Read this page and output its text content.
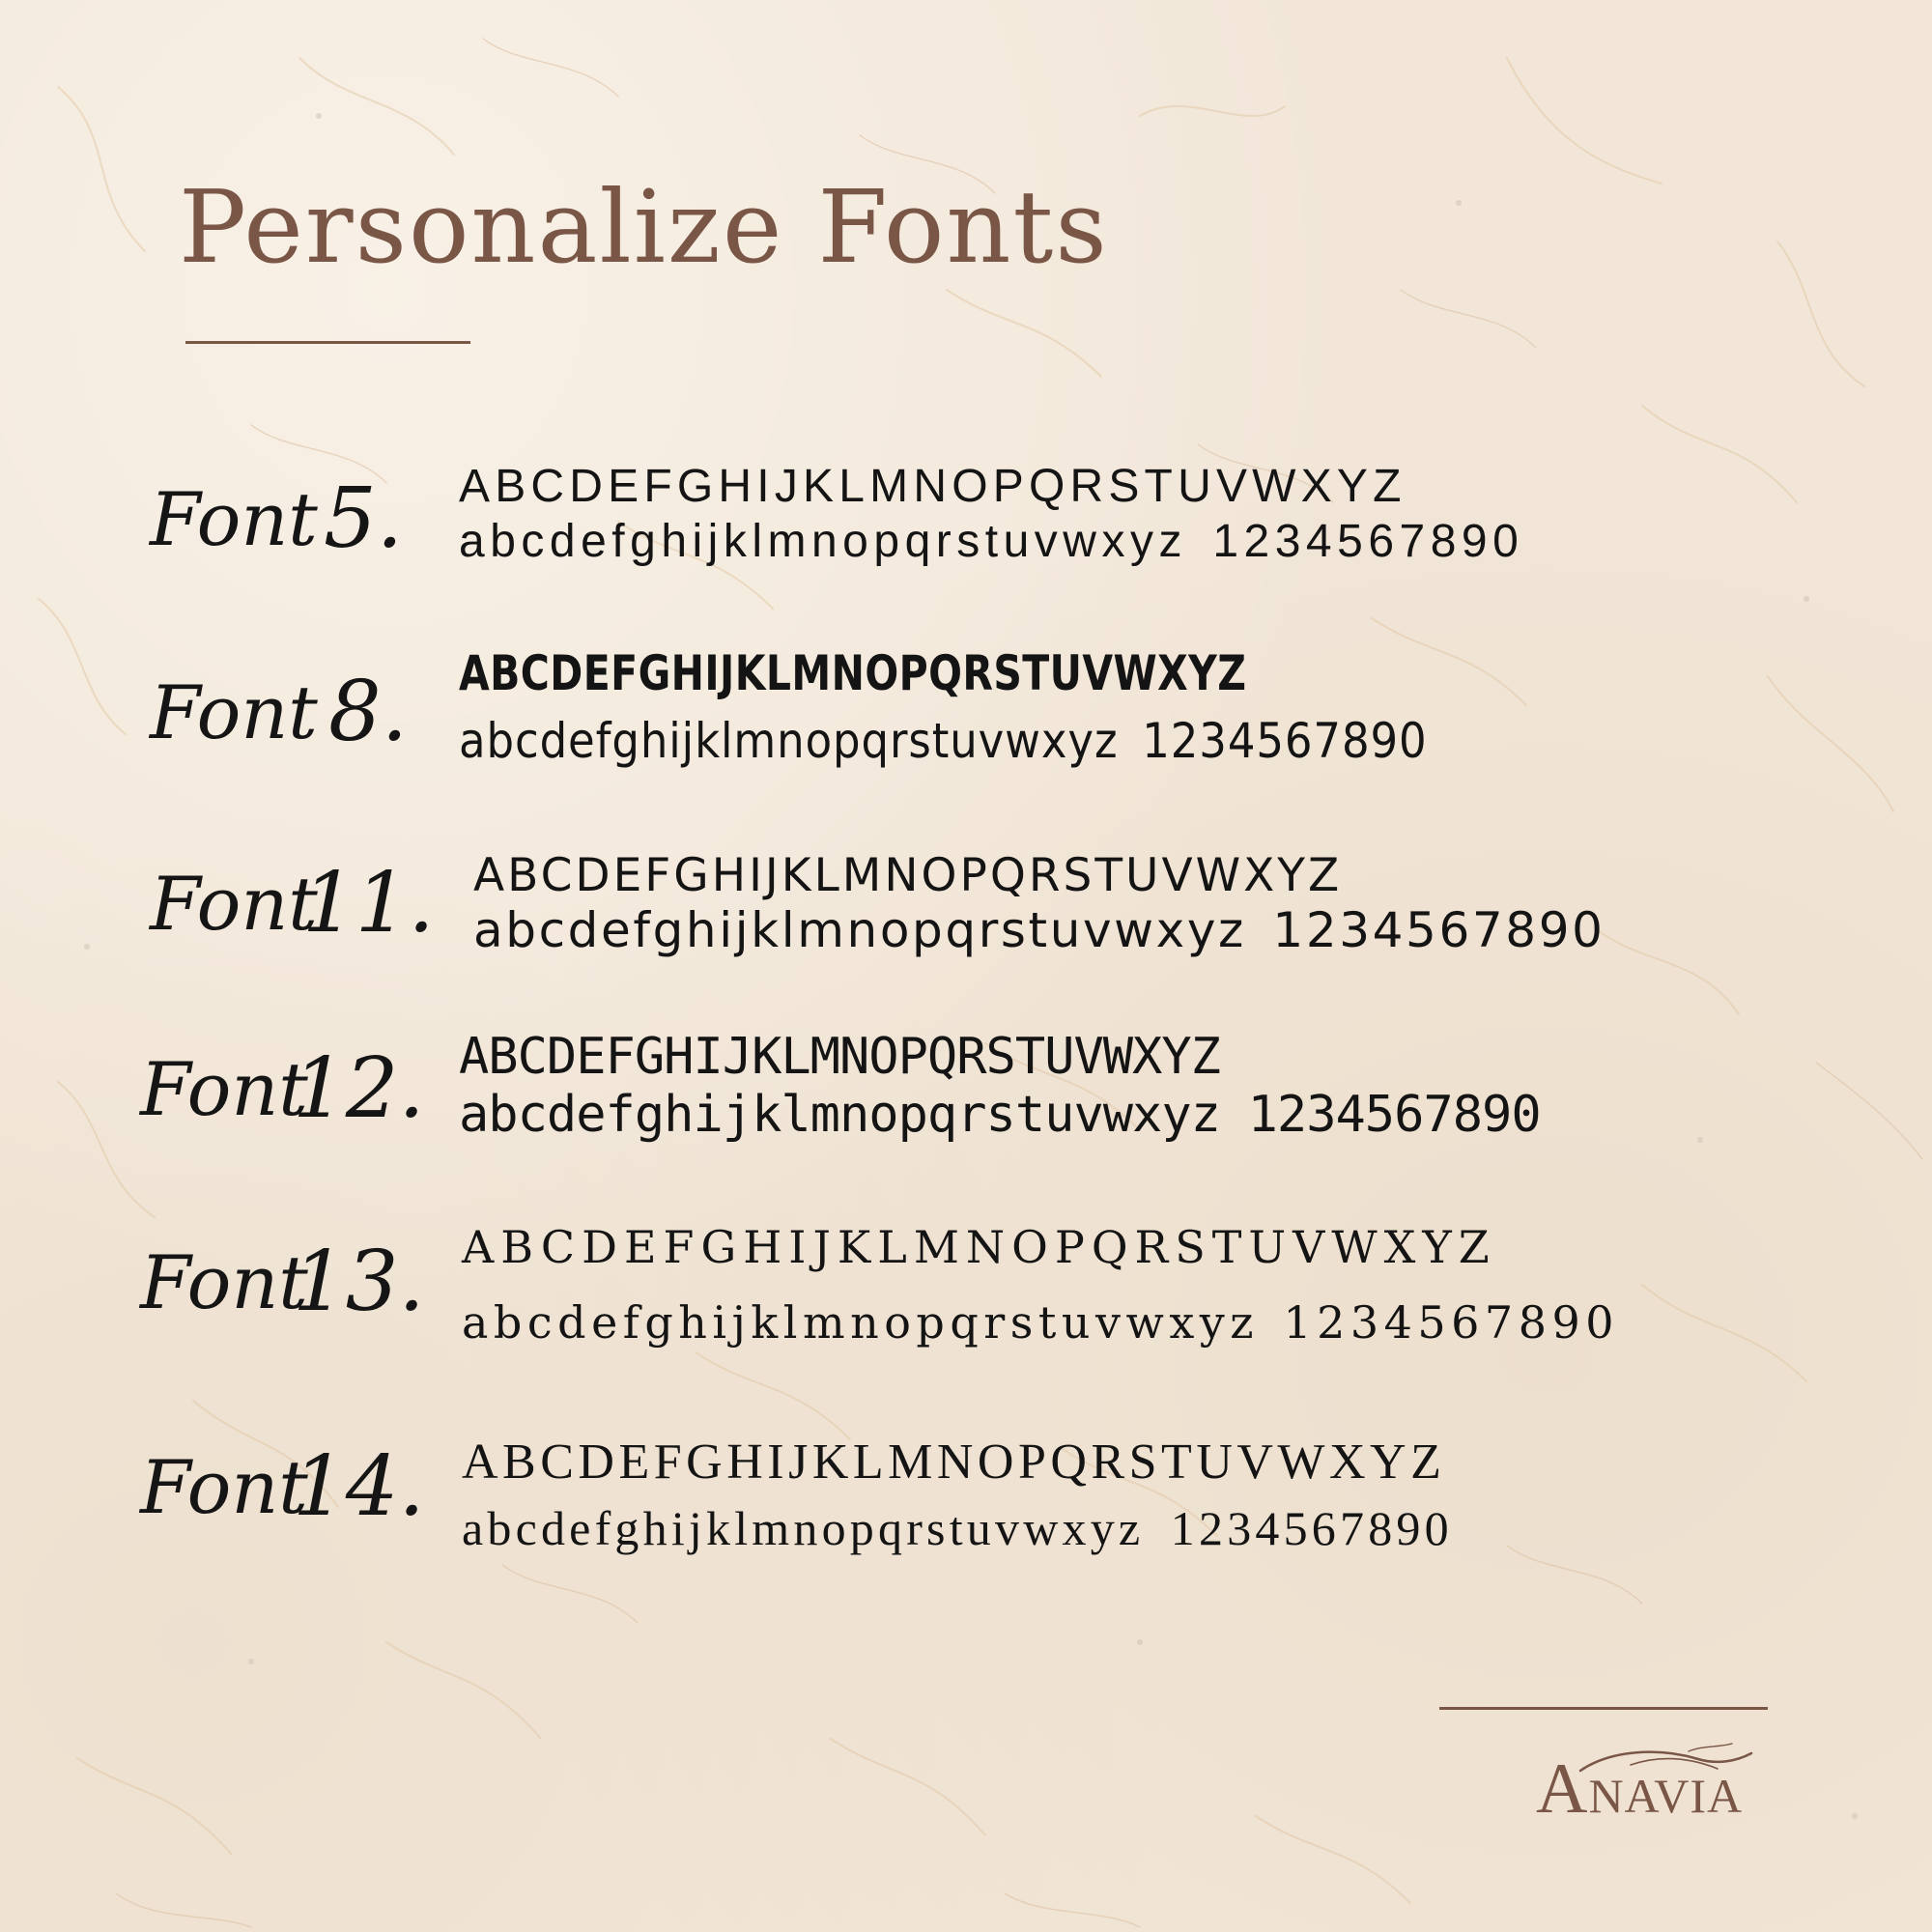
Personalize Fonts
Font 5. ABCDEFGHIJKLMNOPQRSTUVWXYZ
abcdefghijklmnopqrstuvwxyz 1234567890
Font 8. ABCDEFGHIJKLMNOPQRSTUVWXYZ
abcdefghijklmnopqrstuvwxyz 1234567890
Font
11. ABCDEFGHIJKLMNOPQRSTUVWXYZ
abcdefghijklmnopqrstuvwxyz 1234567890
Font
12. ABCDEFGHIJKLMNOPQRSTUVWXYZ
abcdefghijklmnopqrstuvwxyz 1234567890
Font
13. ABCDEFGHIJKLMNOPQRSTUVWXYZ
abcdefghijklmnopqrstuvwxyz 1234567890
Font
14. ABCDEFGHIJKLMNOPQRSTUVWXYZ
abcdefghijklmnopqrstuvwxyz 1234567890
ANAVIA
